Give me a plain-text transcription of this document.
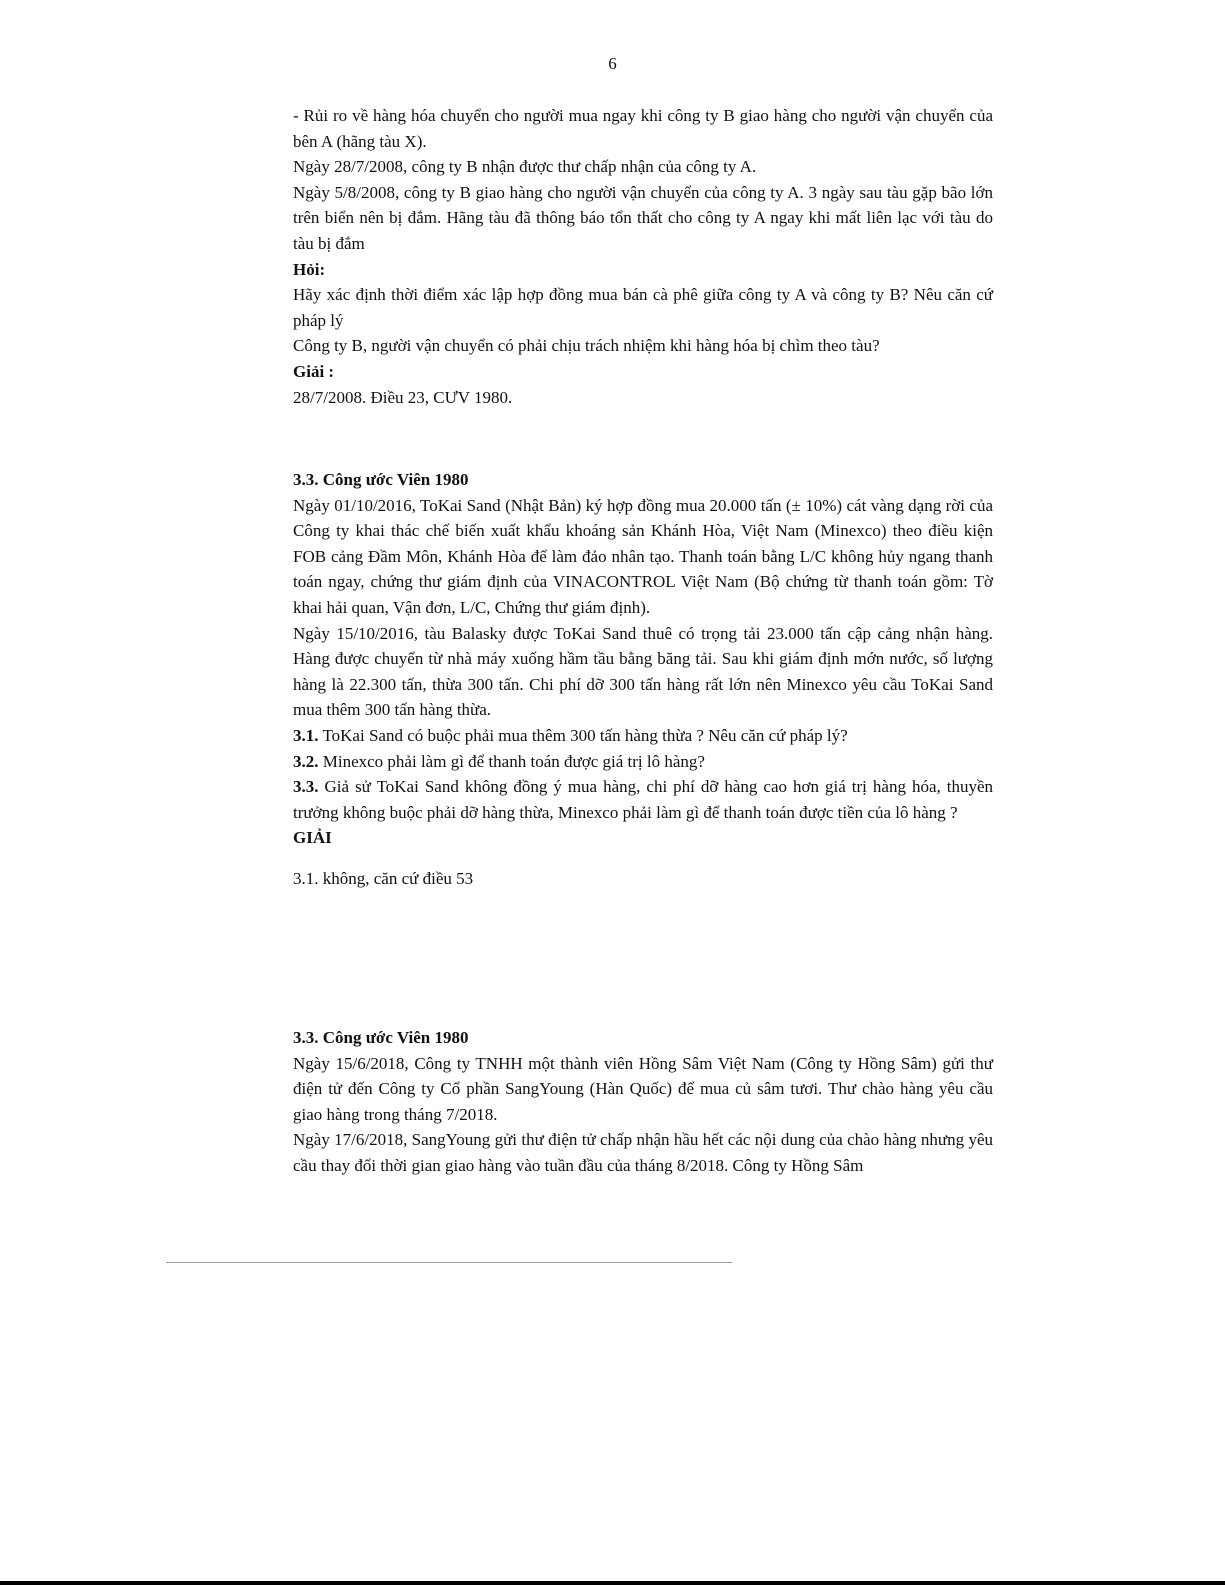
6

- Rủi ro về hàng hóa chuyển cho người mua ngay khi công ty B giao hàng cho người vận chuyển của bên A (hãng tàu X).

Ngày 28/7/2008, công ty B nhận được thư chấp nhận của công ty A.

Ngày 5/8/2008, công ty B giao hàng cho người vận chuyển của công ty A. 3 ngày sau tàu gặp bão lớn trên biển nên bị đắm. Hãng tàu đã thông báo tổn thất cho công ty A ngay khi mất liên lạc với tàu do tàu bị đắm

Hỏi:

Hãy xác định thời điểm xác lập hợp đồng mua bán cà phê giữa công ty A và công ty B? Nêu căn cứ pháp lý

Công ty B, người vận chuyển có phải chịu trách nhiệm khi hàng hóa bị chìm theo tàu?

Giải :

28/7/2008. Điều 23, CƯV 1980.

3.3. Công ước Viên 1980

Ngày 01/10/2016, ToKai Sand (Nhật Bản) ký hợp đồng mua 20.000 tấn (± 10%) cát vàng dạng rời của Công ty khai thác chế biến xuất khẩu khoáng sản Khánh Hòa, Việt Nam (Minexco) theo điều kiện FOB cảng Đầm Môn, Khánh Hòa để làm đảo nhân tạo. Thanh toán bằng L/C không hủy ngang thanh toán ngay, chứng thư giám định của VINACONTROL Việt Nam (Bộ chứng từ thanh toán gồm: Tờ khai hải quan, Vận đơn, L/C, Chứng thư giám định).

Ngày 15/10/2016, tàu Balasky được ToKai Sand thuê có trọng tải 23.000 tấn cập cảng nhận hàng. Hàng được chuyển từ nhà máy xuống hầm tầu bằng băng tải. Sau khi giám định mớn nước, số lượng hàng là 22.300 tấn, thừa 300 tấn. Chi phí dỡ 300 tấn hàng rất lớn nên Minexco yêu cầu ToKai Sand mua thêm 300 tấn hàng thừa.

3.1. ToKai Sand có buộc phải mua thêm 300 tấn hàng thừa ? Nêu căn cứ pháp lý?

3.2. Minexco phải làm gì để thanh toán được giá trị lô hàng?

3.3. Giả sử ToKai Sand không đồng ý mua hàng, chi phí dỡ hàng cao hơn giá trị hàng hóa, thuyền trưởng không buộc phải dỡ hàng thừa, Minexco phải làm gì để thanh toán được tiền của lô hàng ?

GIẢI

3.1. không, căn cứ điều 53

3.3. Công ước Viên 1980

Ngày 15/6/2018, Công ty TNHH một thành viên Hồng Sâm Việt Nam (Công ty Hồng Sâm) gửi thư điện tử đến Công ty Cổ phần SangYoung (Hàn Quốc) để mua củ sâm tươi. Thư chào hàng yêu cầu giao hàng trong tháng 7/2018.

Ngày 17/6/2018, SangYoung gửi thư điện tử chấp nhận hầu hết các nội dung của chào hàng nhưng yêu cầu thay đổi thời gian giao hàng vào tuần đầu của tháng 8/2018. Công ty Hồng Sâm
